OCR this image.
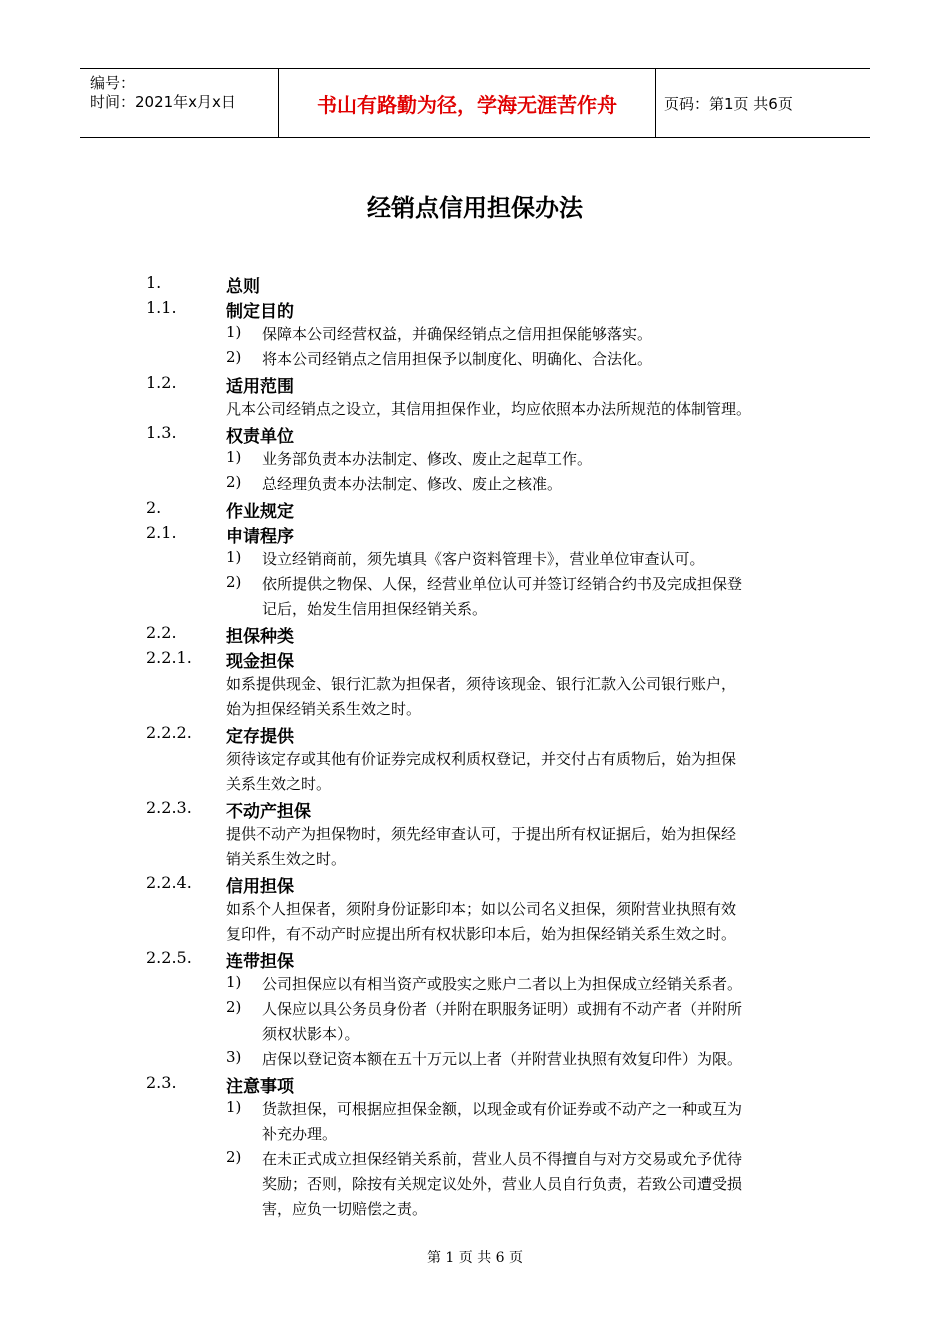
编号：
时间：2021年x月x日	书山有路勤为径，学海无涯苦作舟	页码：第1页 共6页
经销点信用担保办法
1.	总则
1.1.	制定目的
1) 保障本公司经营权益，并确保经销点之信用担保能够落实。
2) 将本公司经销点之信用担保予以制度化、明确化、合法化。
1.2.	适用范围
凡本公司经销点之设立，其信用担保作业，均应依照本办法所规范的体制管理。
1.3.	权责单位
1) 业务部负责本办法制定、修改、废止之起草工作。
2) 总经理负责本办法制定、修改、废止之核准。
2.	作业规定
2.1.	申请程序
1) 设立经销商前，须先填具《客户资料管理卡》，营业单位审查认可。
2) 依所提供之物保、人保，经营业单位认可并签订经销合约书及完成担保登
记后，始发生信用担保经销关系。
2.2.	担保种类
2.2.1. 现金担保
如系提供现金、银行汇款为担保者，须待该现金、银行汇款入公司银行账户，
始为担保经销关系生效之时。
2.2.2. 定存提供
须待该定存或其他有价证券完成权利质权登记，并交付占有质物后，始为担保
关系生效之时。
2.2.3. 不动产担保
提供不动产为担保物时，须先经审查认可，于提出所有权证据后，始为担保经
销关系生效之时。
2.2.4. 信用担保
如系个人担保者，须附身份证影印本；如以公司名义担保，须附营业执照有效
复印件，有不动产时应提出所有权状影印本后，始为担保经销关系生效之时。
2.2.5. 连带担保
1) 公司担保应以有相当资产或股实之账户二者以上为担保成立经销关系者。
2) 人保应以具公务员身份者（并附在职服务证明）或拥有不动产者（并附所
须权状影本）。
3) 店保以登记资本额在五十万元以上者（并附营业执照有效复印件）为限。
2.3.	注意事项
1) 货款担保，可根据应担保金额，以现金或有价证券或不动产之一种或互为
补充办理。
2) 在未正式成立担保经销关系前，营业人员不得擅自与对方交易或允予优待
奖励；否则，除按有关规定议处外，营业人员自行负责，若致公司遭受损
害，应负一切赔偿之责。
第 1 页 共 6 页
